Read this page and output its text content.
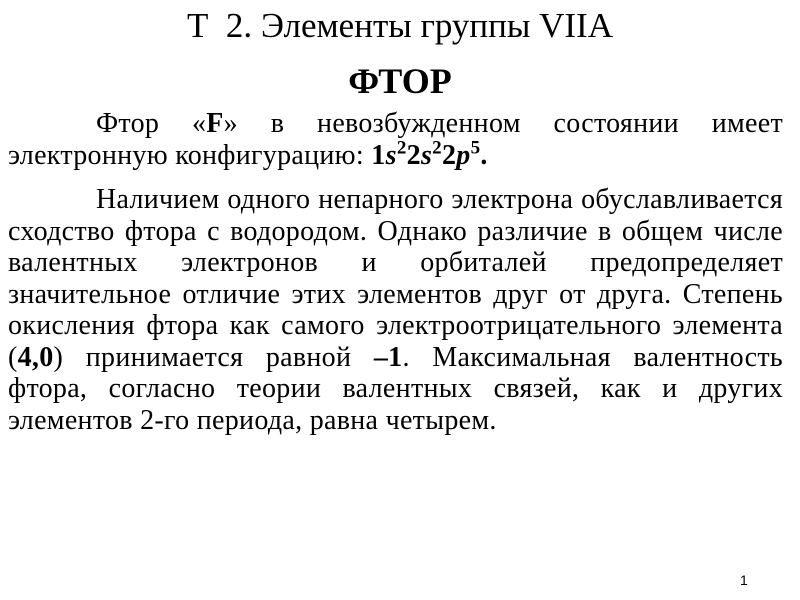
Т  2. Элементы группы VIIA
ФТОР

Фтор «F» в невозбужденном состоянии имеет электронную конфигурацию: $1s^22s^22p^5$.

Наличием одного непарного электрона обуславливается сходство фтора с водородом. Однако различие в общем числе валентных электронов и орбиталей предопределяет значительное отличие этих элементов друг от друга. Степень окисления фтора как самого электроотрицательного элемента (4,0) принимается равной –1. Максимальная валентность фтора, согласно теории валентных связей, как и других элементов 2-го периода, равна четырем.

1
